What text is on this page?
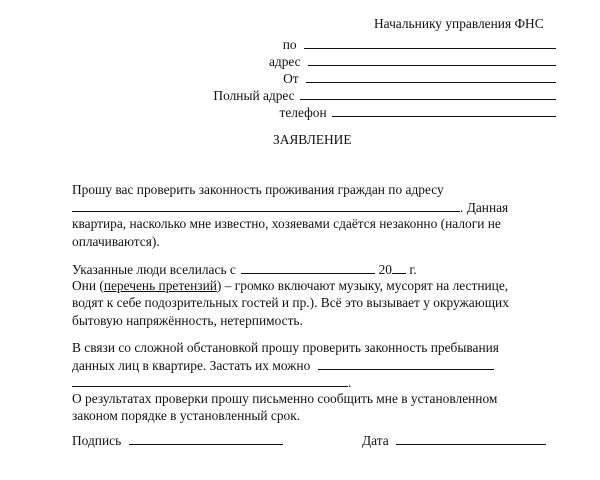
Начальнику управления ФНС
по
адрес
От
Полный адрес
телефон
ЗАЯВЛЕНИЕ
Прошу вас проверить законность проживания граждан по адресу
. Данная
квартира, насколько мне известно, хозяевами сдаётся незаконно (налоги не
оплачиваются).
Указанные люди вселилась с	20 г.
Они (перечень претензий) – громко включают музыку, мусорят на лестнице,
водят к себе подозрительных гостей и пр.). Всё это вызывает у окружающих
бытовую напряжённость, нетерпимость.
В связи со сложной обстановкой прошу проверить законность пребывания
данных лиц в квартире. Застать их можно
.
О результатах проверки прошу письменно сообщить мне в установленном
законом порядке в установленный срок.
Подпись	Дата
